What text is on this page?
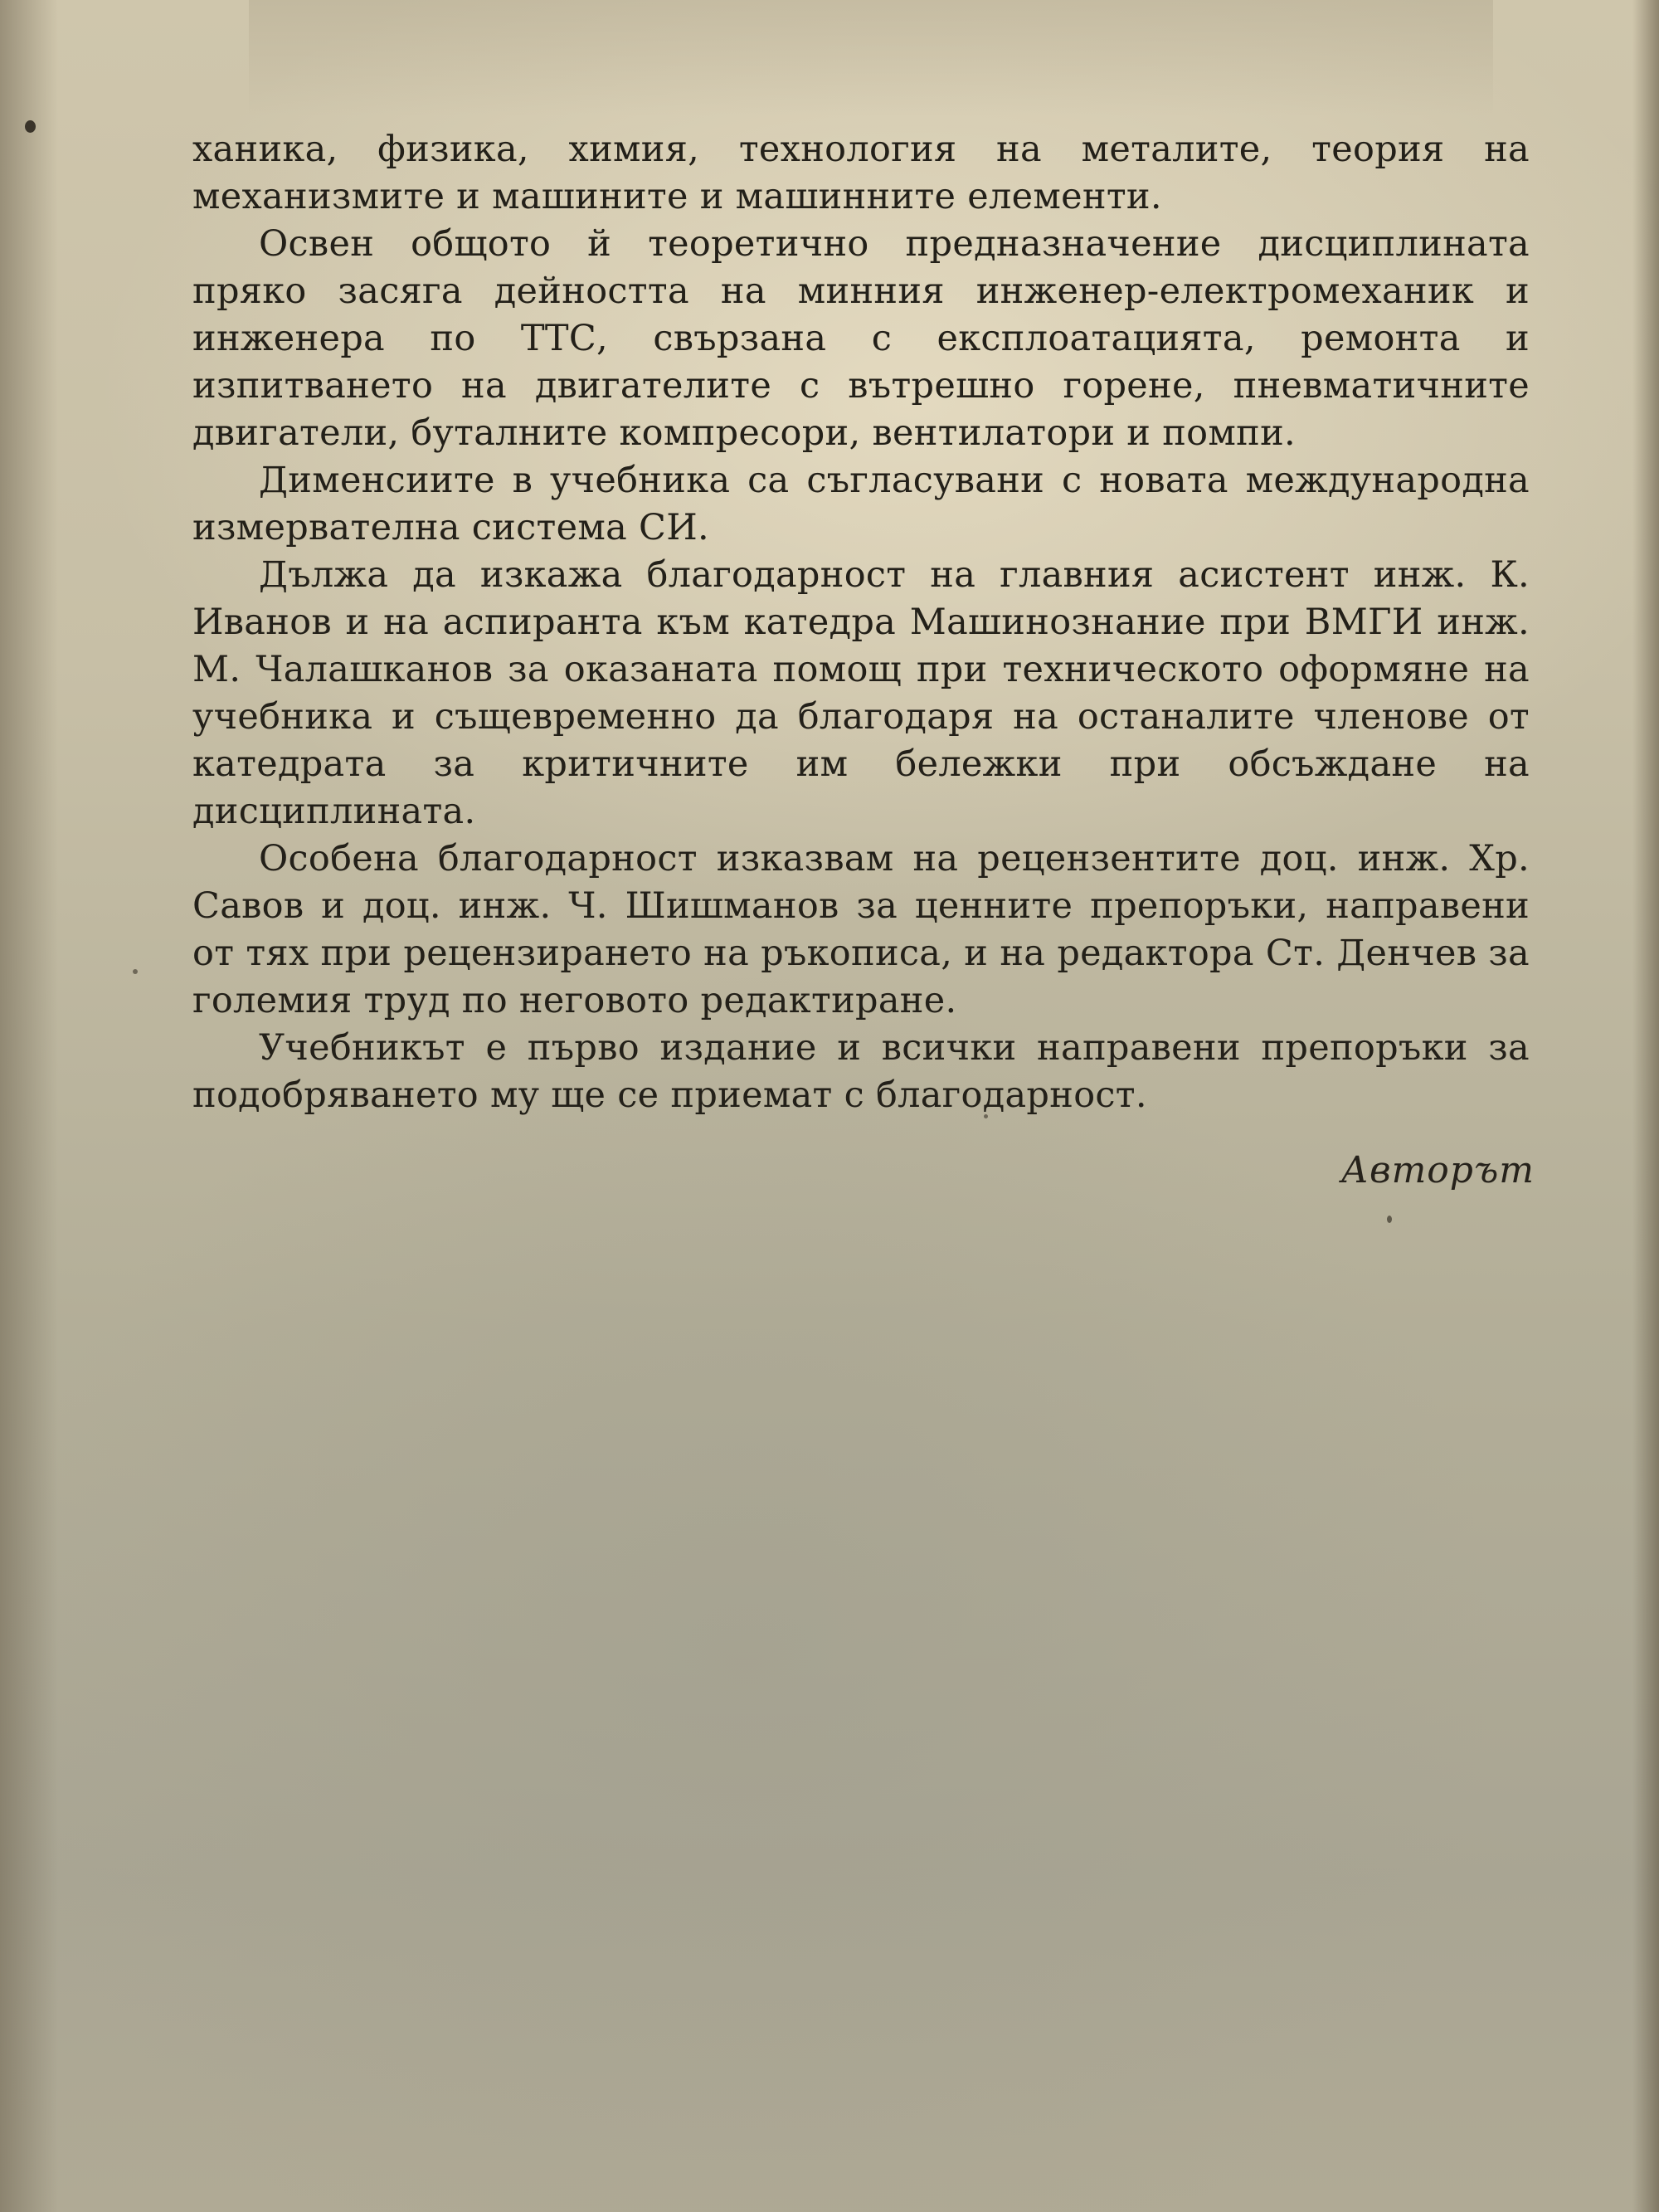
ханика, физика, химия, технология на металите, теория на механизмите и машините и машинните елементи.

Освен общото й теоретично предназначение дисциплината пряко засяга дейността на минния инженер-електромеханик и инженера по ТТС, свързана с експлоатацията, ремонта и изпитването на двигателите с вътрешно горене, пневматичните двигатели, буталните компресори, вентилатори и помпи.

Дименсиите в учебника са съгласувани с новата международна измервателна система СИ.

Дължа да изкажа благодарност на главния асистент инж. К. Иванов и на аспиранта към катедра Машинознание при ВМГИ инж. М. Чалашканов за оказаната помощ при техническото оформяне на учебника и същевременно да благодаря на останалите членове от катедрата за критичните им бележки при обсъждане на дисциплината.

Особена благодарност изказвам на рецензентите доц. инж. Хр. Савов и доц. инж. Ч. Шишманов за ценните препоръки, направени от тях при рецензирането на ръкописа, и на редактора Ст. Денчев за големия труд по неговото редактиране.

Учебникът е първо издание и всички направени препоръки за подобряването му ще се приемат с благодарност.

Авторът
